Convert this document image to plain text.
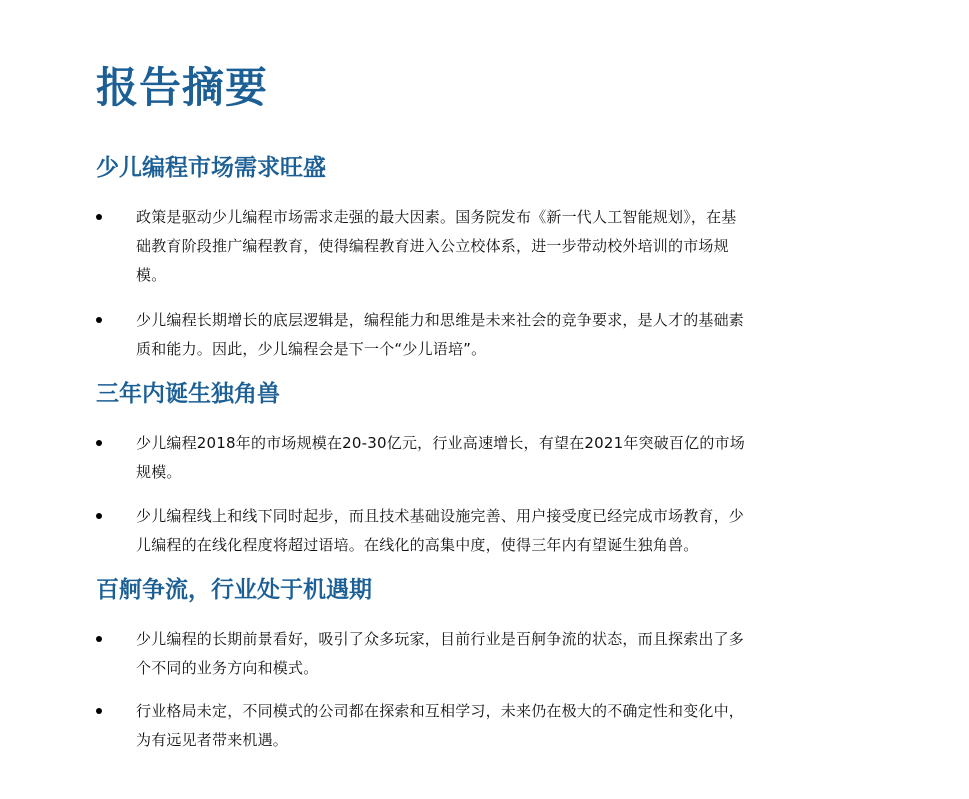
报告摘要
少儿编程市场需求旺盛
政策是驱动少儿编程市场需求走强的最大因素。国务院发布《新一代人工智能规划》，在基础教育阶段推广编程教育，使得编程教育进入公立校体系，进一步带动校外培训的市场规模。
少儿编程长期增长的底层逻辑是，编程能力和思维是未来社会的竞争要求，是人才的基础素质和能力。因此，少儿编程会是下一个“少儿语培”。
三年内诞生独角兽
少儿编程2018年的市场规模在20-30亿元，行业高速增长，有望在2021年突破百亿的市场规模。
少儿编程线上和线下同时起步，而且技术基础设施完善、用户接受度已经完成市场教育，少儿编程的在线化程度将超过语培。在线化的高集中度，使得三年内有望诞生独角兽。
百舸争流，行业处于机遇期
少儿编程的长期前景看好，吸引了众多玩家，目前行业是百舸争流的状态，而且探索出了多个不同的业务方向和模式。
行业格局未定，不同模式的公司都在探索和互相学习，未来仍在极大的不确定性和变化中，为有远见者带来机遇。
